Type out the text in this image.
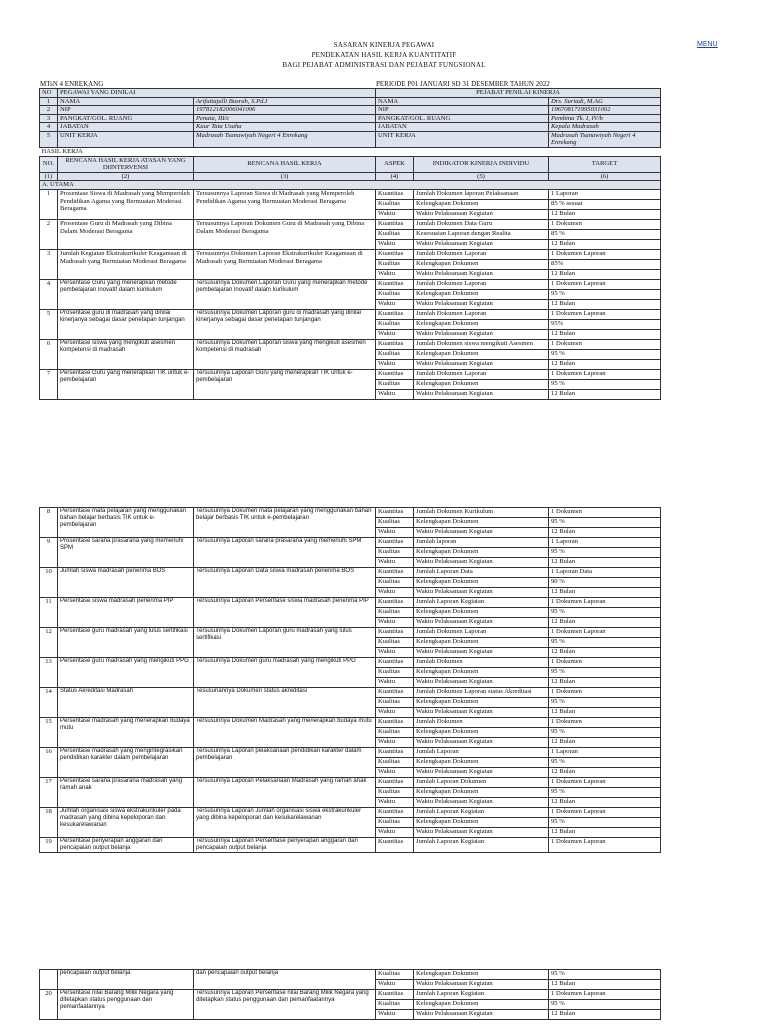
MENU
SASARAN KINERJA PEGAWAI
PENDEKATAN HASIL KERJA KUANTITATIF
BAGI PEJABAT ADMINISTRASI DAN PEJABAT FUNGSIONAL
MTsN 4 ENREKANG	PERIODE P01 JANUARI SD 31 DESEMBER TAHUN 2022
NO	PEGAWAI YANG DINILAI		PEJABAT PENILAI KINERJA		
1	NAMA	Arifuttajalli Busrah, S.Pd.I	NAMA		Drs. Suriadi, M.AG
2	NIP	197812182006041006	NIP		196708171995031002
3	PANGKAT/GOL. RUANG	Penata, III/c	PANGKAT/GOL. RUANG		Pembina Tk. I, IV/b
4	JABATAN	Kaur Tata Usaha	JABATAN		Kepala Madrasah
5	UNIT KERJA	Madrasah Tsanawiyah Negeri 4 Enrekang	UNIT KERJA		Madrasah Tsanawiyah Negeri 4 Enrekang
HASIL KERJA					
NO.	RENCANA HASIL KERJA ATASAN YANG DIINTERVENSI	RENCANA HASIL KERJA	ASPEK	INDIKATOR KINERJA INDIVIDU	TARGET
(1)	(2)	(3)	(4)	(5)	(6)
A. UTAMA					
1	Prosentase Siswa di Madrasah yang Memperoleh Pendidikan Agama yang Bermuatan Moderasi Beragama	Tersusunnya Laporan Siswa di Madrasah yang Memperoleh Pendidikan Agama yang Bermuatan Moderasi Beragama	Kuantitas	Jumlah Dokumen laporan Pelaksanaan	1 Laporan
			Kualitas	Kelengkapan Dokumen	85 % sesuai
			Waktu	Waktu Pelaksanaan Kegiatan	12 Bulan
2	Prosentase Guru di Madrasah yang Dibina Dalam Moderasi Beragama	Tersusunnya Laporan Dokumen Guru di Madrasah yang Dibina Dalam Moderasi Beragama	Kuantitas	Jumlah Dokumen Data Guru	1 Dokumen
			Kualitas	Kesesuaian Laporan dengan Realita	85 %
			Waktu	Waktu Pelaksanaan Kegiatan	12 Bulan
3	Jumlah Kegiatan Ekstrakurikuler Keagamaan di Madrasah yang Bermuatan Moderasi Beragama	Tersusunnya Dokumen Laporan Ekstrakurikuler Keagamaan di Madrasah yang Bermuatan Moderasi Beragama	Kuantitas	Jumlah Dokumen Laporan	1 Dokumen Laporan
			Kualitas	Kelengkapan Dokumen	85%
			Waktu	Waktu Pelaksanaan Kegiatan	12 Bulan
4	Persentase Guru yang menerapkan metode pembelajaran inovatif dalam kurikulum	Tersusunnya Dokumen Laporan Guru yang menerapkan metode pembelajaran inovatif dalam kurikulum	Kuantitas	Jumlah Dokumen Laporan	1 Dokumen Laporan
			Kualitas	Kelengkapan Dokumen	95 %
			Waktu	Waktu Pelaksanaan Kegiatan	12 Bulan
5	Prosentase guru di madrasah yang dinilai kinerjanya sebagai dasar penetapan tunjangan	Tersusunnya Dokumen Laporan guru di madrasah yang dinilai kinerjanya sebagai dasar penetapan tunjangan	Kuantitas	Jumlah Dokumen Laporan	1 Dokumen Laporan
			Kualitas	Kelengkapan Dokumen	95%
			Waktu	Waktu Pelaksanaan Kegiatan	12 Bulan
6	Persentase siswa yang mengikuti asesmen kompetensi di madrasah	Tersusunnya Dokumen Laporan siswa yang mengikuti asesmen kompetensi di madrasah	Kuantitas	Jumlah Dokumen siswa mengikuti Asesmen	1 Dokumen
			Kualitas	Kelengkapan Dokumen	95 %
			Waktu	Waktu Pelaksanaan Kegiatan	12 Bulan
7	Persentase Guru yang menerapkan TIK untuk e-pembelajaran	Tersusunnya Laporan Guru yang menerapkan TIK untuk e-pembelajaran	Kuantitas	Jumlah Dokumen Laporan	1 Dokumen Laporan
			Kualitas	Kelengkapan Dokumen	95 %
			Waktu	Waktu Pelaksanaan Kegiatan	12 Bulan
8	Persentase mata pelajaran yang menggunakan bahan belajar berbasis TIK untuk e-pembelajaran	Tersusunnya Dokumen mata pelajaran yang menggunakan bahan belajar berbasis TIK untuk e-pembelajaran	Kuantitas	Jumlah Dokumen Kurikulum	1 Dokumen
			Kualitas	Kelengkapan Dokumen	95 %
			Waktu	Waktu Pelaksanaan Kegiatan	12 Bulan
9	Prosentase sarana prasarana yang memenuhi SPM	Tersusunnya Laporan sarana prasarana yang memenuhi SPM	Kuantitas	Jumlah laporan	1 Laporan
			Kualitas	Kelengkapan Dokumen	95 %
			Waktu	Waktu Pelaksanaan Kegiatan	12 Bulan
10	Jumlah siswa madrasah penerima BOS	Tersusunnya Laporan Data siswa madrasah penerima BOS	Kuantitas	Jumlah Laporan Data	1 Laporan Data
			Kualitas	Kelengkapan Dokumen	90 %
			Waktu	Waktu Pelaksanaan Kegiatan	12 Bulan
11	Persentase siswa madrasah penerima PIP	Tersusunnya Laporan Persentase siswa madrasah penerima PIP	Kuantitas	Jumlah Laporan Kegiatan	1 Dokumen Laporan
			Kualitas	Kelengkapan Dokumen	95 %
			Waktu	Waktu Pelaksanaan Kegiatan	12 Bulan
12	Persentase guru madrasah yang lulus sertifikasi	Tersusunnya Dokumen Laporan guru madrasah yang lulus sertifikasi	Kuantitas	Jumlah Dokumen Laporan	1 Dokumen Laporan
			Kualitas	Kelengkapan Dokumen	95 %
			Waktu	Waktu Pelaksanaan Kegiatan	12 Bulan
13	Persentase guru madrasah yang mengikuti PPG	Tersusunnya Dokumen guru madrasah yang mengikuti PPG	Kuantitas	Jumlah Dokumen	1 Dokumen
			Kualitas	Kelengkapan Dokumen	95 %
			Waktu	Waktu Pelaksanaan Kegiatan	12 Bulan
14	Status Akreditasi Madrasah	Tesusunannya Dokumen status akreditasi	Kuantitas	Jumlah Dokumen Laporan status Akreditasi	1 Dokumen
			Kualitas	Kelengkapan Dokumen	95 %
			Waktu	Waktu Pelaksanaan Kegiatan	12 Bulan
15	Persentase madrasah yang menerapkan budaya mutu	Tersusunnya Dokumen Madrasah yang menerapkan budaya mutu	Kuantitas	Jumlah Dokumen	1 Dokumen
			Kualitas	Kelengkapan Dokumen	95 %
			Waktu	Waktu Pelaksanaan Kegiatan	12 Bulan
16	Persentase madrasah yang mengintegrasikan pendidikan karakter dalam pembelajaran	Tersusunnya Laporan pelaksanaan pendidikan karakter dalam pembelajaran	Kuantitas	Jumlah Laporan	1 Laporan
			Kualitas	Kelengkapan Dokumen	95 %
			Waktu	Waktu Pelaksanaan Kegiatan	12 Bulan
17	Persentase sarana prasarana madrasah yang ramah anak	Tersusunnya Laporan Pelaksanaan Madrasah yang ramah anak	Kuantitas	Jumlah Laporan Dokumen	1 Dokumen Laporan
			Kualitas	Kelengkapan Dokumen	95 %
			Waktu	Waktu Pelaksanaan Kegiatan	12 Bulan
18	Jumlah organisasi siswa ekstrakurikuler pada madrasah yang dibina kepeloporan dan kesukarelawanan	Tersusunnya Laporan Jumlah organisasi siswa ekstrakurikuler yang dibina kepeloporan dan kesukarelawanan	Kuantitas	Jumlah Laporan Kegiatan	1 Dokumen Laporan
			Kualitas	Kelengkapan Dokumen	95 %
			Waktu	Waktu Pelaksanaan Kegiatan	12 Bulan
19	Persentase penyerapan anggaran dan pencapaian output belanja	Tersusunnya Laporan Persentase penyerapan anggaran dan pencapaian output belanja	Kuantitas	Jumlah Laporan Kegiatan	1 Dokumen Laporan
	pencapaian output belanja	dan pencapaian output belanja	Kualitas	Kelengkapan Dokumen	95 %
			Waktu	Waktu Pelaksanaan Kegiatan	12 Bulan
20	Persentase nilai Barang Milik Negara yang ditetapkan status penggunaan dan pemanfaatannya	Tersusunnya Laporan Persentase nilai Barang Milik Negara yang ditetapkan status penggunaan dan pemanfaatannya	Kuantitas	Jumlah Laporan Kegiatan	1 Dokumen Laporan
			Kualitas	Kelengkapan Dokumen	95 %
			Waktu	Waktu Pelaksanaan Kegiatan	12 Bulan
